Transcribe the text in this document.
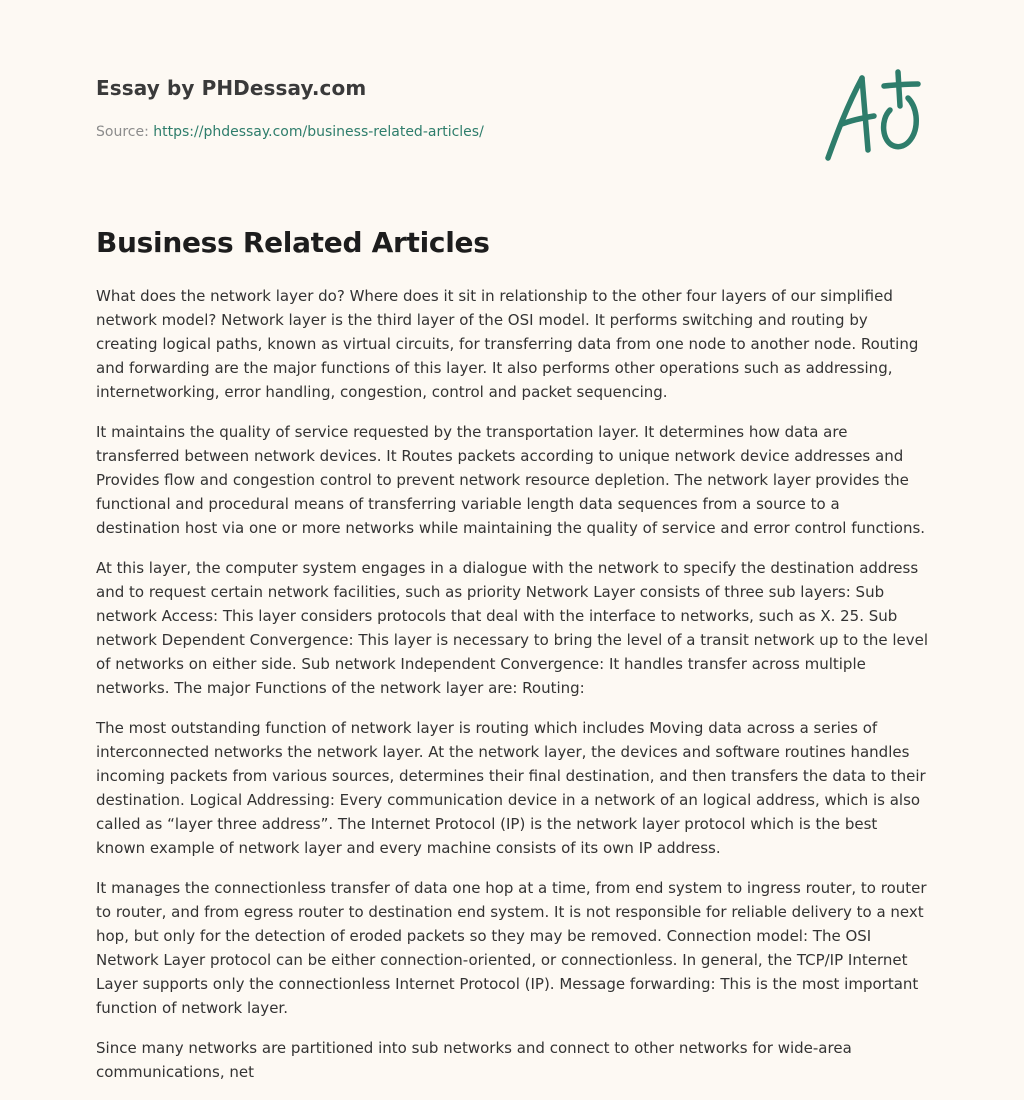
Essay by PHDessay.com
Source: https://phdessay.com/business-related-articles/
Business Related Articles

What does the network layer do? Where does it sit in relationship to the other four layers of our simplified network model? Network layer is the third layer of the OSI model. It performs switching and routing by creating logical paths, known as virtual circuits, for transferring data from one node to another node. Routing and forwarding are the major functions of this layer. It also performs other operations such as addressing, internetworking, error handling, congestion, control and packet sequencing.

It maintains the quality of service requested by the transportation layer. It determines how data are transferred between network devices. It Routes packets according to unique network device addresses and Provides flow and congestion control to prevent network resource depletion. The network layer provides the functional and procedural means of transferring variable length data sequences from a source to a destination host via one or more networks while maintaining the quality of service and error control functions.

At this layer, the computer system engages in a dialogue with the network to specify the destination address and to request certain network facilities, such as priority Network Layer consists of three sub layers: Sub network Access: This layer considers protocols that deal with the interface to networks, such as X. 25. Sub network Dependent Convergence: This layer is necessary to bring the level of a transit network up to the level of networks on either side. Sub network Independent Convergence: It handles transfer across multiple networks. The major Functions of the network layer are: Routing:

The most outstanding function of network layer is routing which includes Moving data across a series of interconnected networks the network layer. At the network layer, the devices and software routines handles incoming packets from various sources, determines their final destination, and then transfers the data to their destination. Logical Addressing: Every communication device in a network of an logical address, which is also called as “layer three address”. The Internet Protocol (IP) is the network layer protocol which is the best known example of network layer and every machine consists of its own IP address.

It manages the connectionless transfer of data one hop at a time, from end system to ingress router, to router to router, and from egress router to destination end system. It is not responsible for reliable delivery to a next hop, but only for the detection of eroded packets so they may be removed. Connection model: The OSI Network Layer protocol can be either connection-oriented, or connectionless. In general, the TCP/IP Internet Layer supports only the connectionless Internet Protocol (IP). Message forwarding: This is the most important function of network layer.

Since many networks are partitioned into sub networks and connect to other networks for wide-area communications, net
